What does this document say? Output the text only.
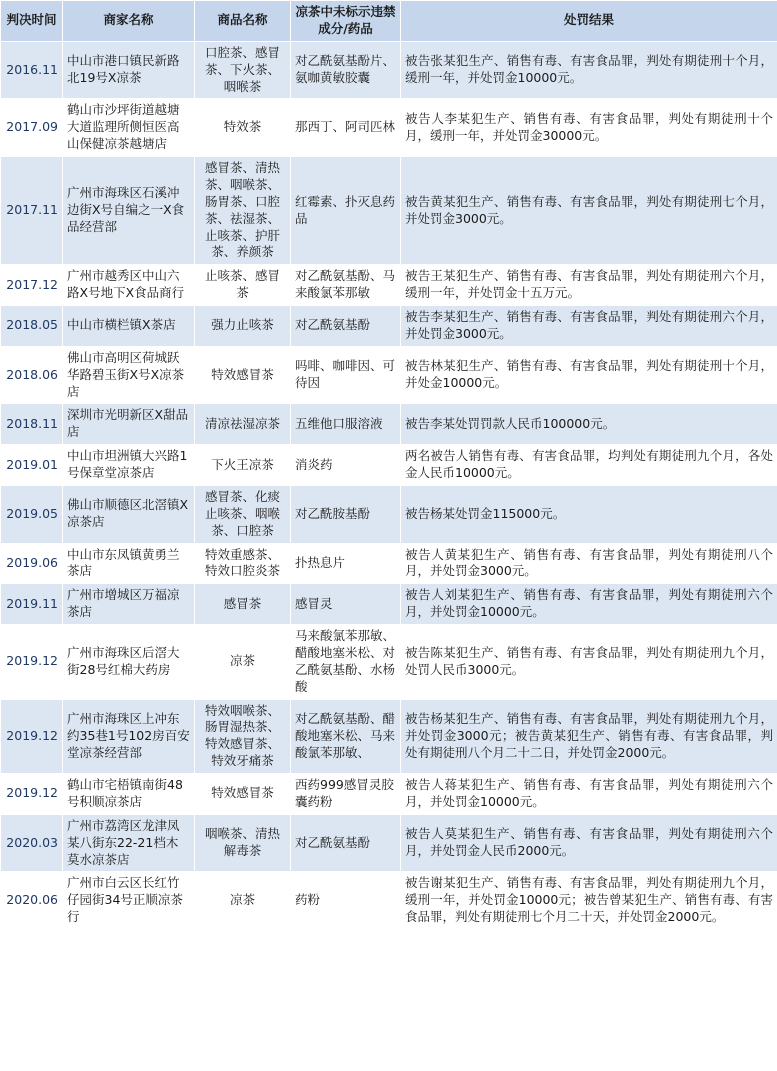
判决时间	商家名称	商品名称	凉茶中未标示违禁成分/药品	处罚结果
2016.11	中山市港口镇民新路北19号X凉茶	口腔茶、感冒茶、下火茶、咽喉茶	对乙酰氨基酚片、氨咖黄敏胶囊	被告张某犯生产、销售有毒、有害食品罪，判处有期徒刑十个月，缓刑一年，并处罚金10000元。
2017.09	鹤山市沙坪街道越塘大道监理所侧恒医高山保健凉茶越塘店	特效茶	那西丁、阿司匹林	被告人李某犯生产、销售有毒、有害食品罪，判处有期徒刑十个月，缓刑一年，并处罚金30000元。
2017.11	广州市海珠区石溪冲边街X号自编之一X食品经营部	感冒茶、清热茶、咽喉茶、肠胃茶、口腔茶、祛湿茶、止咳茶、护肝茶、养颜茶	红霉素、扑灭息药品	被告黄某犯生产、销售有毒、有害食品罪，判处有期徒刑七个月，并处罚金3000元。
2017.12	广州市越秀区中山六路X号地下X食品商行	止咳茶、感冒茶	对乙酰氨基酚、马来酸氯苯那敏	被告王某犯生产、销售有毒、有害食品罪，判处有期徒刑六个月，缓刑一年，并处罚金十五万元。
2018.05	中山市横栏镇X茶店	强力止咳茶	对乙酰氨基酚	被告李某犯生产、销售有毒、有害食品罪，判处有期徒刑六个月，并处罚金3000元。
2018.06	佛山市高明区荷城跃华路碧玉街X号X凉茶店	特效感冒茶	吗啡、咖啡因、可待因	被告林某犯生产、销售有毒、有害食品罪，判处有期徒刑十个月，并处金10000元。
2018.11	深圳市光明新区X甜品店	清凉祛湿凉茶	五维他口服溶液	被告李某处罚罚款人民币100000元。
2019.01	中山市坦洲镇大兴路1号保章堂凉茶店	下火王凉茶	消炎药	两名被告人销售有毒、有害食品罪，均判处有期徒刑九个月，各处金人民币10000元。
2019.05	佛山市顺德区北滘镇X凉茶店	感冒茶、化痰止咳茶、咽喉茶、口腔茶	对乙酰胺基酚	被告杨某处罚金115000元。
2019.06	中山市东凤镇黄勇兰茶店	特效重感茶、特效口腔炎茶	扑热息片	被告人黄某犯生产、销售有毒、有害食品罪，判处有期徒刑八个月，并处罚金3000元。
2019.11	广州市增城区万福凉茶店	感冒茶	感冒灵	被告人刘某犯生产、销售有毒、有害食品罪，判处有期徒刑六个月，并处罚金10000元。
2019.12	广州市海珠区后滘大街28号红棉大药房	凉茶	马来酸氯苯那敏、醋酸地塞米松、对乙酰氨基酚、水杨酸	被告陈某犯生产、销售有毒、有害食品罪，判处有期徒刑九个月，处罚人民币3000元。
2019.12	广州市海珠区上冲东约35巷1号102房百安堂凉茶经营部	特效咽喉茶、肠胃湿热茶、特效感冒茶、特效牙痛茶	对乙酰氨基酚、醋酸地塞米松、马来酸氯苯那敏、	被告杨某犯生产、销售有毒、有害食品罪，判处有期徒刑九个月，并处罚金3000元；被告黄某犯生产、销售有毒、有害食品罪，判处有期徒刑八个月二十二日，并处罚金2000元。
2019.12	鹤山市宅梧镇南街48号积顺凉茶店	特效感冒茶	西药999感冒灵胶囊药粉	被告人蒋某犯生产、销售有毒、有害食品罪，判处有期徒刑六个月，并处罚金10000元。
2020.03	广州市荔湾区龙津凤某八街东22-21档木莫水凉茶店	咽喉茶、清热解毒茶	对乙酰氨基酚	被告人莫某犯生产、销售有毒、有害食品罪，判处有期徒刑六个月，并处罚金人民币2000元。
2020.06	广州市白云区长红竹仔园街34号正顺凉茶行	凉茶	药粉	被告谢某犯生产、销售有毒、有害食品罪，判处有期徒刑九个月，缓刑一年，并处罚金10000元；被告曾某犯生产、销售有毒、有害食品罪，判处有期徒刑七个月二十天，并处罚金2000元。
